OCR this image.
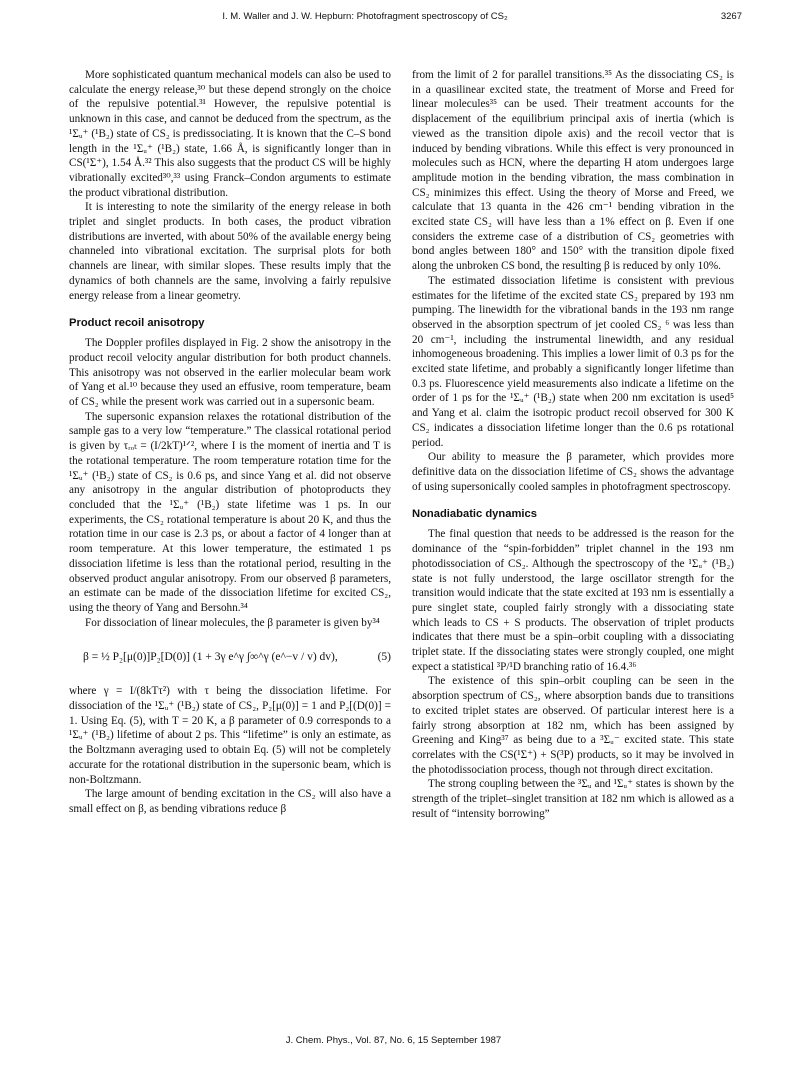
I. M. Waller and J. W. Hepburn: Photofragment spectroscopy of CS₂	3267

More sophisticated quantum mechanical models can also be used to calculate the energy release,³⁰ but these depend strongly on the choice of the repulsive potential.³¹ However, the repulsive potential is unknown in this case, and cannot be deduced from the spectrum, as the ¹Σᵤ⁺ (¹B₂) state of CS₂ is predissociating. It is known that the C–S bond length in the ¹Σᵤ⁺ (¹B₂) state, 1.66 Å, is significantly longer than in CS(¹Σ⁺), 1.54 Å.³² This also suggests that the product CS will be highly vibrationally excited³⁰,³³ using Franck–Condon arguments to estimate the product vibrational distribution.

It is interesting to note the similarity of the energy release in both triplet and singlet products. In both cases, the product vibration distributions are inverted, with about 50% of the available energy being channeled into vibrational excitation. The surprisal plots for both channels are linear, with similar slopes. These results imply that the dynamics of both channels are the same, involving a fairly repulsive energy release from a linear geometry.

Product recoil anisotropy

The Doppler profiles displayed in Fig. 2 show the anisotropy in the product recoil velocity angular distribution for both product channels. This anisotropy was not observed in the earlier molecular beam work of Yang et al.¹⁰ because they used an effusive, room temperature, beam of CS₂ while the present work was carried out in a supersonic beam.

The supersonic expansion relaxes the rotational distribution of the sample gas to a very low “temperature.” The classical rotational period is given by τᵣₒₜ = (I/2kT)¹ᐟ², where I is the moment of inertia and T is the rotational temperature. The room temperature rotation time for the ¹Σᵤ⁺ (¹B₂) state of CS₂ is 0.6 ps, and since Yang et al. did not observe any anisotropy in the angular distribution of photoproducts they concluded that the ¹Σᵤ⁺ (¹B₂) state lifetime was 1 ps. In our experiments, the CS₂ rotational temperature is about 20 K, and thus the rotation time in our case is 2.3 ps, or about a factor of 4 longer than at room temperature. At this lower temperature, the estimated 1 ps dissociation lifetime is less than the rotational period, resulting in the observed product angular anisotropy. From our observed β parameters, an estimate can be made of the dissociation lifetime for excited CS₂, using the theory of Yang and Bersohn.³⁴

For dissociation of linear molecules, the β parameter is given by³⁴

β = ½ P₂[μ(0)]P₂[D(0)] (1 + 3γ e^γ ∫∞^γ (e^−v / v) dv),	(5)

where γ = I/(8kTτ²) with τ being the dissociation lifetime. For dissociation of the ¹Σᵤ⁺ (¹B₂) state of CS₂, P₂[μ(0)] = 1 and P₂[(D(0)] = 1. Using Eq. (5), with T = 20 K, a β parameter of 0.9 corresponds to a ¹Σᵤ⁺ (¹B₂) lifetime of about 2 ps. This “lifetime” is only an estimate, as the Boltzmann averaging used to obtain Eq. (5) will not be completely accurate for the rotational distribution in the supersonic beam, which is non-Boltzmann.

The large amount of bending excitation in the CS₂ will also have a small effect on β, as bending vibrations reduce β

from the limit of 2 for parallel transitions.³⁵ As the dissociating CS₂ is in a quasilinear excited state, the treatment of Morse and Freed for linear molecules³⁵ can be used. Their treatment accounts for the displacement of the equilibrium principal axis of inertia (which is viewed as the transition dipole axis) and the recoil vector that is induced by bending vibrations. While this effect is very pronounced in molecules such as HCN, where the departing H atom undergoes large amplitude motion in the bending vibration, the mass combination in CS₂ minimizes this effect. Using the theory of Morse and Freed, we calculate that 13 quanta in the 426 cm⁻¹ bending vibration in the excited state CS₂ will have less than a 1% effect on β. Even if one considers the extreme case of a distribution of CS₂ geometries with bond angles between 180° and 150° with the transition dipole fixed along the unbroken CS bond, the resulting β is reduced by only 10%.

The estimated dissociation lifetime is consistent with previous estimates for the lifetime of the excited state CS₂ prepared by 193 nm pumping. The linewidth for the vibrational bands in the 193 nm range observed in the absorption spectrum of jet cooled CS₂ ⁶ was less than 20 cm⁻¹, including the instrumental linewidth, and any residual inhomogeneous broadening. This implies a lower limit of 0.3 ps for the excited state lifetime, and probably a significantly longer lifetime than 0.3 ps. Fluorescence yield measurements also indicate a lifetime on the order of 1 ps for the ¹Σᵤ⁺ (¹B₂) state when 200 nm excitation is used⁵ and Yang et al. claim the isotropic product recoil observed for 300 K CS₂ indicates a dissociation lifetime longer than the 0.6 ps rotational period.

Our ability to measure the β parameter, which provides more definitive data on the dissociation lifetime of CS₂ shows the advantage of using supersonically cooled samples in photofragment spectroscopy.

Nonadiabatic dynamics

The final question that needs to be addressed is the reason for the dominance of the “spin-forbidden” triplet channel in the 193 nm photodissociation of CS₂. Although the spectroscopy of the ¹Σᵤ⁺ (¹B₂) state is not fully understood, the large oscillator strength for the transition would indicate that the state excited at 193 nm is essentially a pure singlet state, coupled fairly strongly with a dissociating state which leads to CS + S products. The observation of triplet products indicates that there must be a spin–orbit coupling with a dissociating triplet state. If the dissociating states were strongly coupled, one might expect a statistical ³P/¹D branching ratio of 16.4.³⁶

The existence of this spin–orbit coupling can be seen in the absorption spectrum of CS₂, where absorption bands due to transitions to excited triplet states are observed. Of particular interest here is a fairly strong absorption at 182 nm, which has been assigned by Greening and King³⁷ as being due to a ³Σᵤ⁻ excited state. This state correlates with the CS(¹Σ⁺) + S(³P) products, so it may be involved in the photodissociation process, though not through direct excitation.

The strong coupling between the ³Σᵤ and ¹Σᵤ⁺ states is shown by the strength of the triplet–singlet transition at 182 nm which is allowed as a result of “intensity borrowing”

J. Chem. Phys., Vol. 87, No. 6, 15 September 1987
